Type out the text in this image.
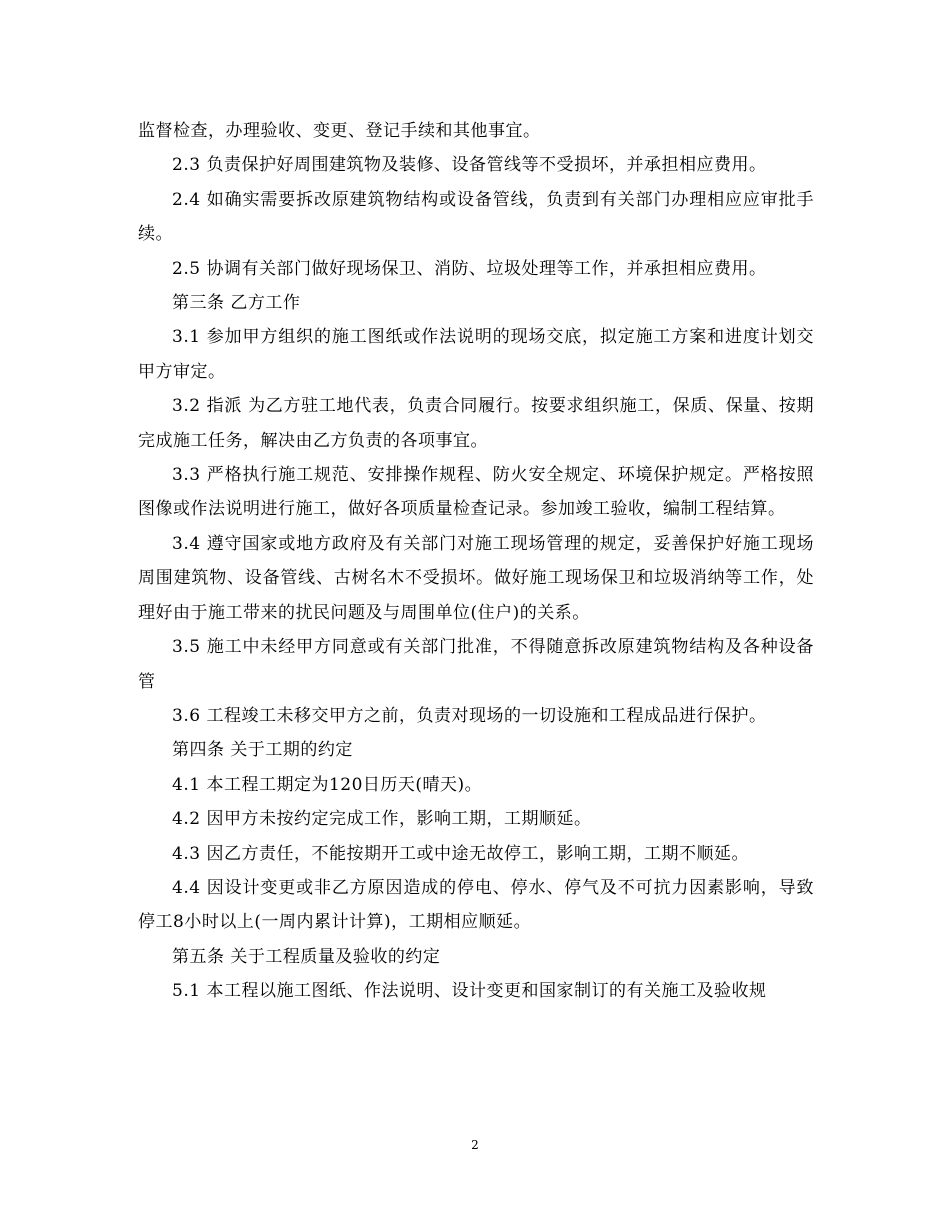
监督检查，办理验收、变更、登记手续和其他事宜。

2.3 负责保护好周围建筑物及装修、设备管线等不受损坏，并承担相应费用。

2.4 如确实需要拆改原建筑物结构或设备管线，负责到有关部门办理相应应审批手续。

2.5 协调有关部门做好现场保卫、消防、垃圾处理等工作，并承担相应费用。

第三条 乙方工作

3.1 参加甲方组织的施工图纸或作法说明的现场交底，拟定施工方案和进度计划交甲方审定。

3.2 指派 为乙方驻工地代表，负责合同履行。按要求组织施工，保质、保量、按期完成施工任务，解决由乙方负责的各项事宜。

3.3 严格执行施工规范、安排操作规程、防火安全规定、环境保护规定。严格按照图像或作法说明进行施工，做好各项质量检查记录。参加竣工验收，编制工程结算。

3.4 遵守国家或地方政府及有关部门对施工现场管理的规定，妥善保护好施工现场周围建筑物、设备管线、古树名木不受损坏。做好施工现场保卫和垃圾消纳等工作，处理好由于施工带来的扰民问题及与周围单位(住户)的关系。

3.5 施工中未经甲方同意或有关部门批准，不得随意拆改原建筑物结构及各种设备管

3.6 工程竣工未移交甲方之前，负责对现场的一切设施和工程成品进行保护。

第四条 关于工期的约定

4.1 本工程工期定为120日历天(晴天)。

4.2 因甲方未按约定完成工作，影响工期，工期顺延。

4.3 因乙方责任，不能按期开工或中途无故停工，影响工期，工期不顺延。

4.4 因设计变更或非乙方原因造成的停电、停水、停气及不可抗力因素影响，导致停工8小时以上(一周内累计计算)，工期相应顺延。

第五条 关于工程质量及验收的约定

5.1 本工程以施工图纸、作法说明、设计变更和国家制订的有关施工及验收规

2
